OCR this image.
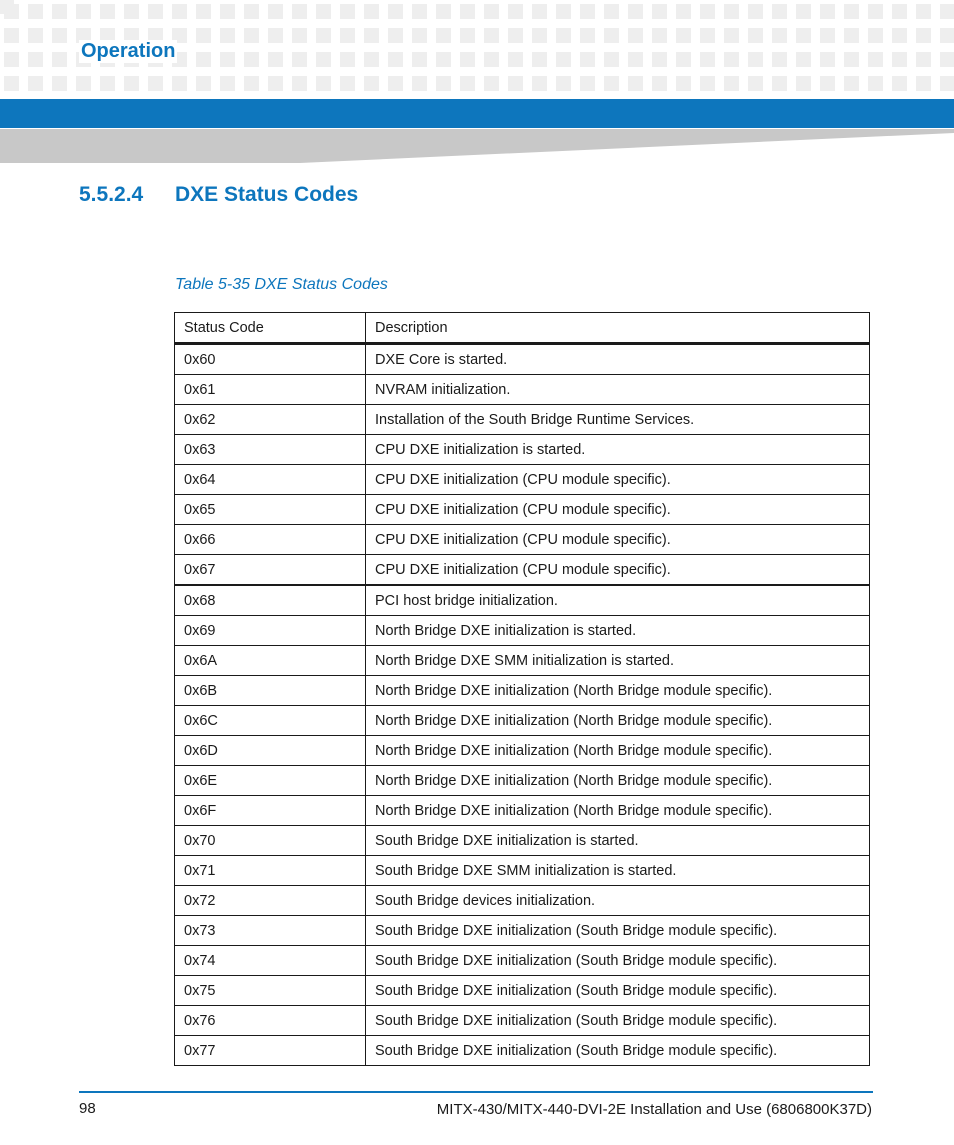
Operation
5.5.2.4	DXE Status Codes

Table 5-35 DXE Status Codes

Status Code	Description
0x60	DXE Core is started.
0x61	NVRAM initialization.
0x62	Installation of the South Bridge Runtime Services.
0x63	CPU DXE initialization is started.
0x64	CPU DXE initialization (CPU module specific).
0x65	CPU DXE initialization (CPU module specific).
0x66	CPU DXE initialization (CPU module specific).
0x67	CPU DXE initialization (CPU module specific).
0x68	PCI host bridge initialization.
0x69	North Bridge DXE initialization is started.
0x6A	North Bridge DXE SMM initialization is started.
0x6B	North Bridge DXE initialization (North Bridge module specific).
0x6C	North Bridge DXE initialization (North Bridge module specific).
0x6D	North Bridge DXE initialization (North Bridge module specific).
0x6E	North Bridge DXE initialization (North Bridge module specific).
0x6F	North Bridge DXE initialization (North Bridge module specific).
0x70	South Bridge DXE initialization is started.
0x71	South Bridge DXE SMM initialization is started.
0x72	South Bridge devices initialization.
0x73	South Bridge DXE initialization (South Bridge module specific).
0x74	South Bridge DXE initialization (South Bridge module specific).
0x75	South Bridge DXE initialization (South Bridge module specific).
0x76	South Bridge DXE initialization (South Bridge module specific).
0x77	South Bridge DXE initialization (South Bridge module specific).

98	MITX-430/MITX-440-DVI-2E Installation and Use (6806800K37D)
